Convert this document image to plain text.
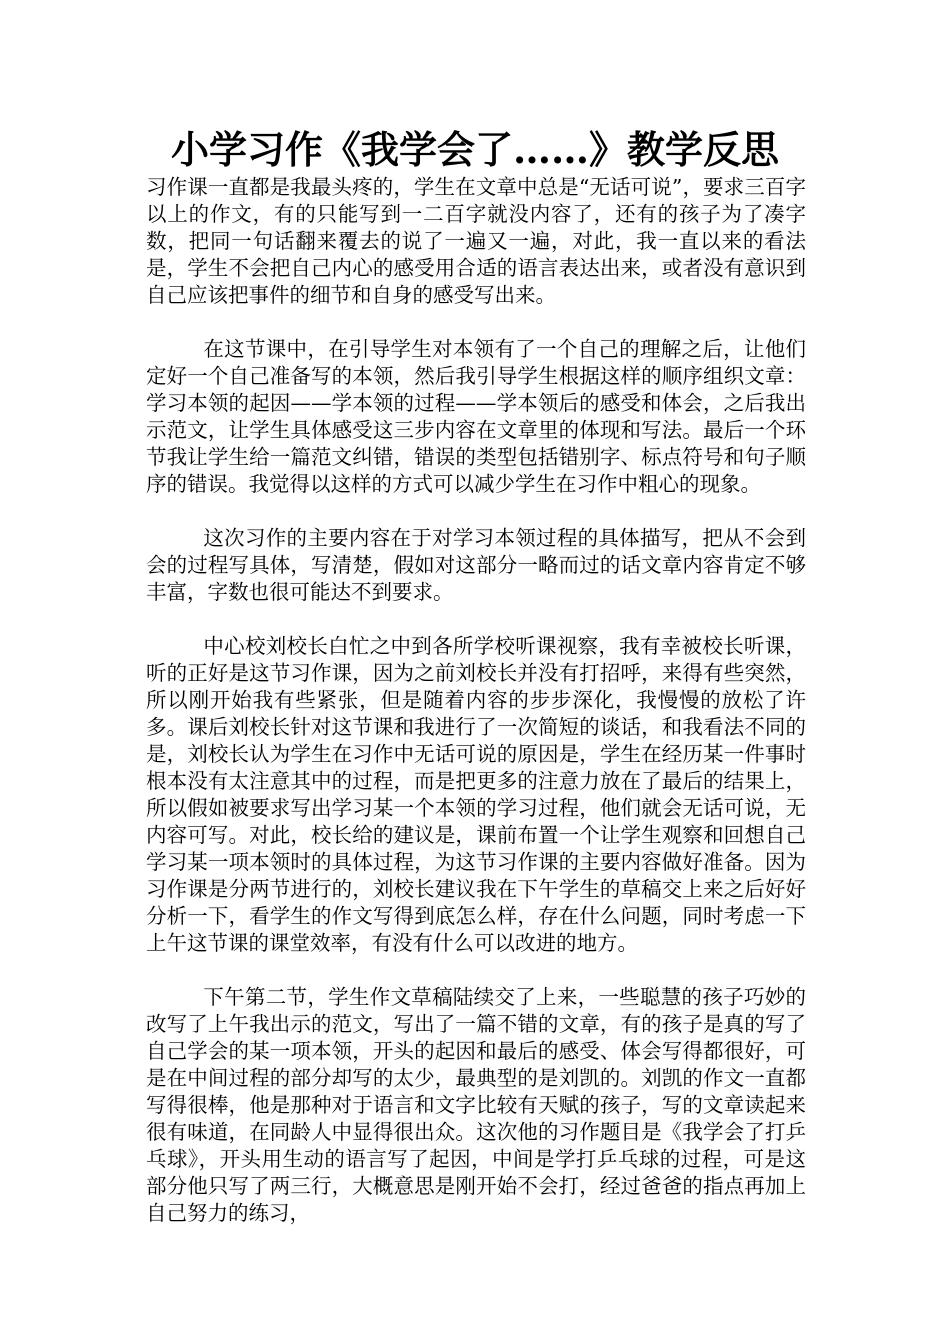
小学习作《我学会了……》教学反思

习作课一直都是我最头疼的，学生在文章中总是“无话可说”，要求三百字以上的作文，有的只能写到一二百字就没内容了，还有的孩子为了凑字数，把同一句话翻来覆去的说了一遍又一遍，对此，我一直以来的看法是，学生不会把自己内心的感受用合适的语言表达出来，或者没有意识到自己应该把事件的细节和自身的感受写出来。

在这节课中，在引导学生对本领有了一个自己的理解之后，让他们定好一个自己准备写的本领，然后我引导学生根据这样的顺序组织文章：学习本领的起因——学本领的过程——学本领后的感受和体会，之后我出示范文，让学生具体感受这三步内容在文章里的体现和写法。最后一个环节我让学生给一篇范文纠错，错误的类型包括错别字、标点符号和句子顺序的错误。我觉得以这样的方式可以减少学生在习作中粗心的现象。

这次习作的主要内容在于对学习本领过程的具体描写，把从不会到会的过程写具体，写清楚，假如对这部分一略而过的话文章内容肯定不够丰富，字数也很可能达不到要求。

中心校刘校长白忙之中到各所学校听课视察，我有幸被校长听课，听的正好是这节习作课，因为之前刘校长并没有打招呼，来得有些突然，所以刚开始我有些紧张，但是随着内容的步步深化，我慢慢的放松了许多。课后刘校长针对这节课和我进行了一次简短的谈话，和我看法不同的是，刘校长认为学生在习作中无话可说的原因是，学生在经历某一件事时根本没有太注意其中的过程，而是把更多的注意力放在了最后的结果上，所以假如被要求写出学习某一个本领的学习过程，他们就会无话可说，无内容可写。对此，校长给的建议是，课前布置一个让学生观察和回想自己学习某一项本领时的具体过程，为这节习作课的主要内容做好准备。因为习作课是分两节进行的，刘校长建议我在下午学生的草稿交上来之后好好分析一下，看学生的作文写得到底怎么样，存在什么问题，同时考虑一下上午这节课的课堂效率，有没有什么可以改进的地方。

下午第二节，学生作文草稿陆续交了上来，一些聪慧的孩子巧妙的改写了上午我出示的范文，写出了一篇不错的文章，有的孩子是真的写了自己学会的某一项本领，开头的起因和最后的感受、体会写得都很好，可是在中间过程的部分却写的太少，最典型的是刘凯的。刘凯的作文一直都写得很棒，他是那种对于语言和文字比较有天赋的孩子，写的文章读起来很有味道，在同龄人中显得很出众。这次他的习作题目是《我学会了打乒乓球》，开头用生动的语言写了起因，中间是学打乒乓球的过程，可是这部分他只写了两三行，大概意思是刚开始不会打，经过爸爸的指点再加上自己努力的练习，
